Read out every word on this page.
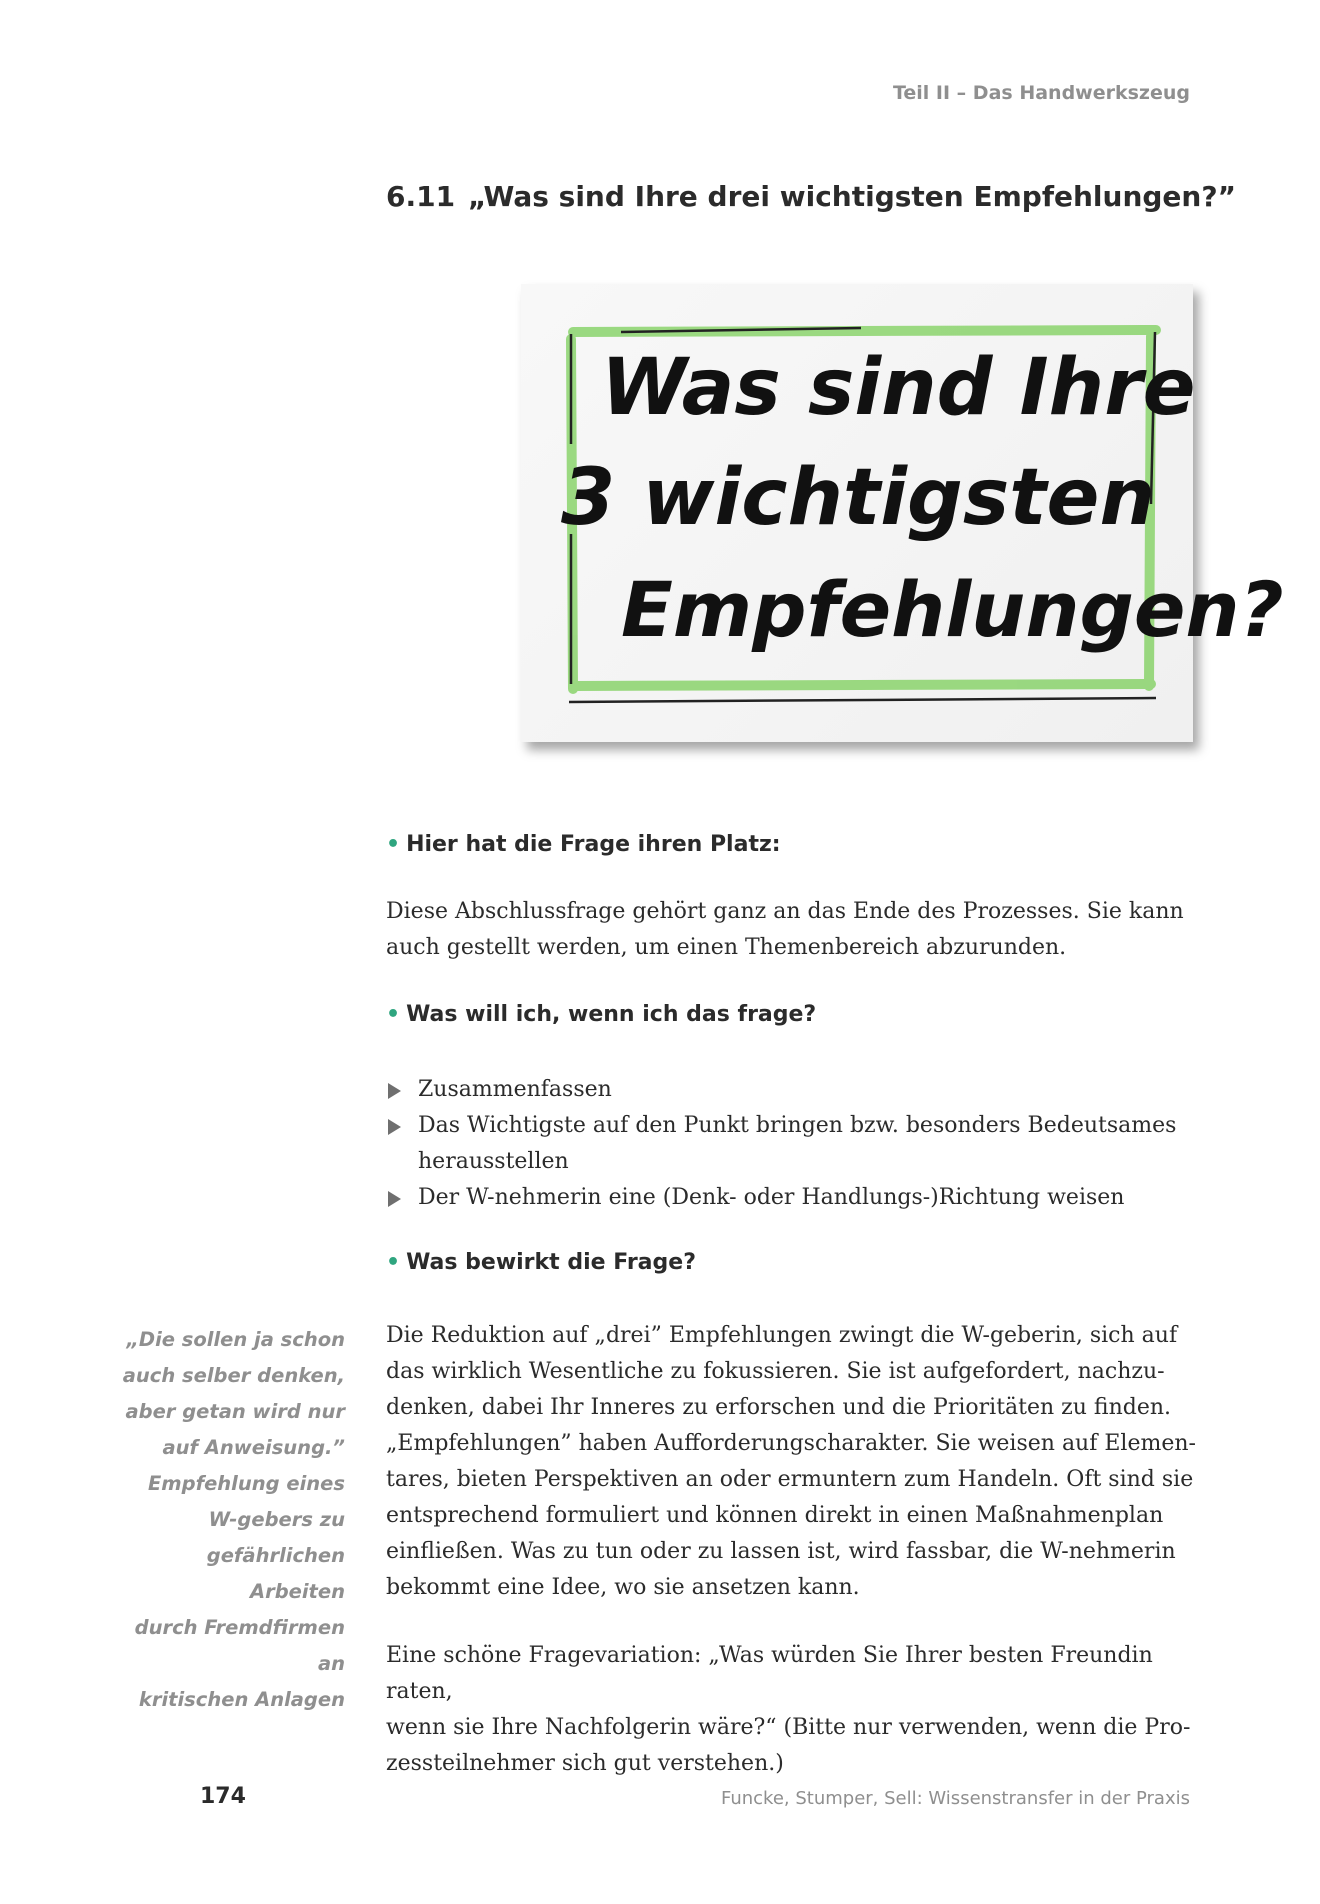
Teil II – Das Handwerkszeug
6.11 „Was sind Ihre drei wichtigsten Empfehlungen?”
Was sind Ihre
3 wichtigsten
Empfehlungen?
• Hier hat die Frage ihren Platz:
Diese Abschlussfrage gehört ganz an das Ende des Prozesses. Sie kann
auch gestellt werden, um einen Themenbereich abzurunden.
• Was will ich, wenn ich das frage?
Zusammenfassen
Das Wichtigste auf den Punkt bringen bzw. besonders Bedeutsames herausstellen
Der W-nehmerin eine (Denk- oder Handlungs-)Richtung weisen
• Was bewirkt die Frage?
Die Reduktion auf „drei” Empfehlungen zwingt die W-geberin, sich auf
das wirklich Wesentliche zu fokussieren. Sie ist aufgefordert, nachzu-
denken, dabei Ihr Inneres zu erforschen und die Prioritäten zu finden.
„Empfehlungen” haben Aufforderungscharakter. Sie weisen auf Elemen-
tares, bieten Perspektiven an oder ermuntern zum Handeln. Oft sind sie
entsprechend formuliert und können direkt in einen Maßnahmenplan
einfließen. Was zu tun oder zu lassen ist, wird fassbar, die W-nehmerin
bekommt eine Idee, wo sie ansetzen kann.
Eine schöne Fragevariation: „Was würden Sie Ihrer besten Freundin raten,
wenn sie Ihre Nachfolgerin wäre?“ (Bitte nur verwenden, wenn die Pro-
zessteilnehmer sich gut verstehen.)
„Die sollen ja schon
auch selber denken,
aber getan wird nur
auf Anweisung.”
Empfehlung eines
W-gebers zu
gefährlichen Arbeiten
durch Fremdfirmen an
kritischen Anlagen
174	Funcke, Stumper, Sell: Wissenstransfer in der Praxis
